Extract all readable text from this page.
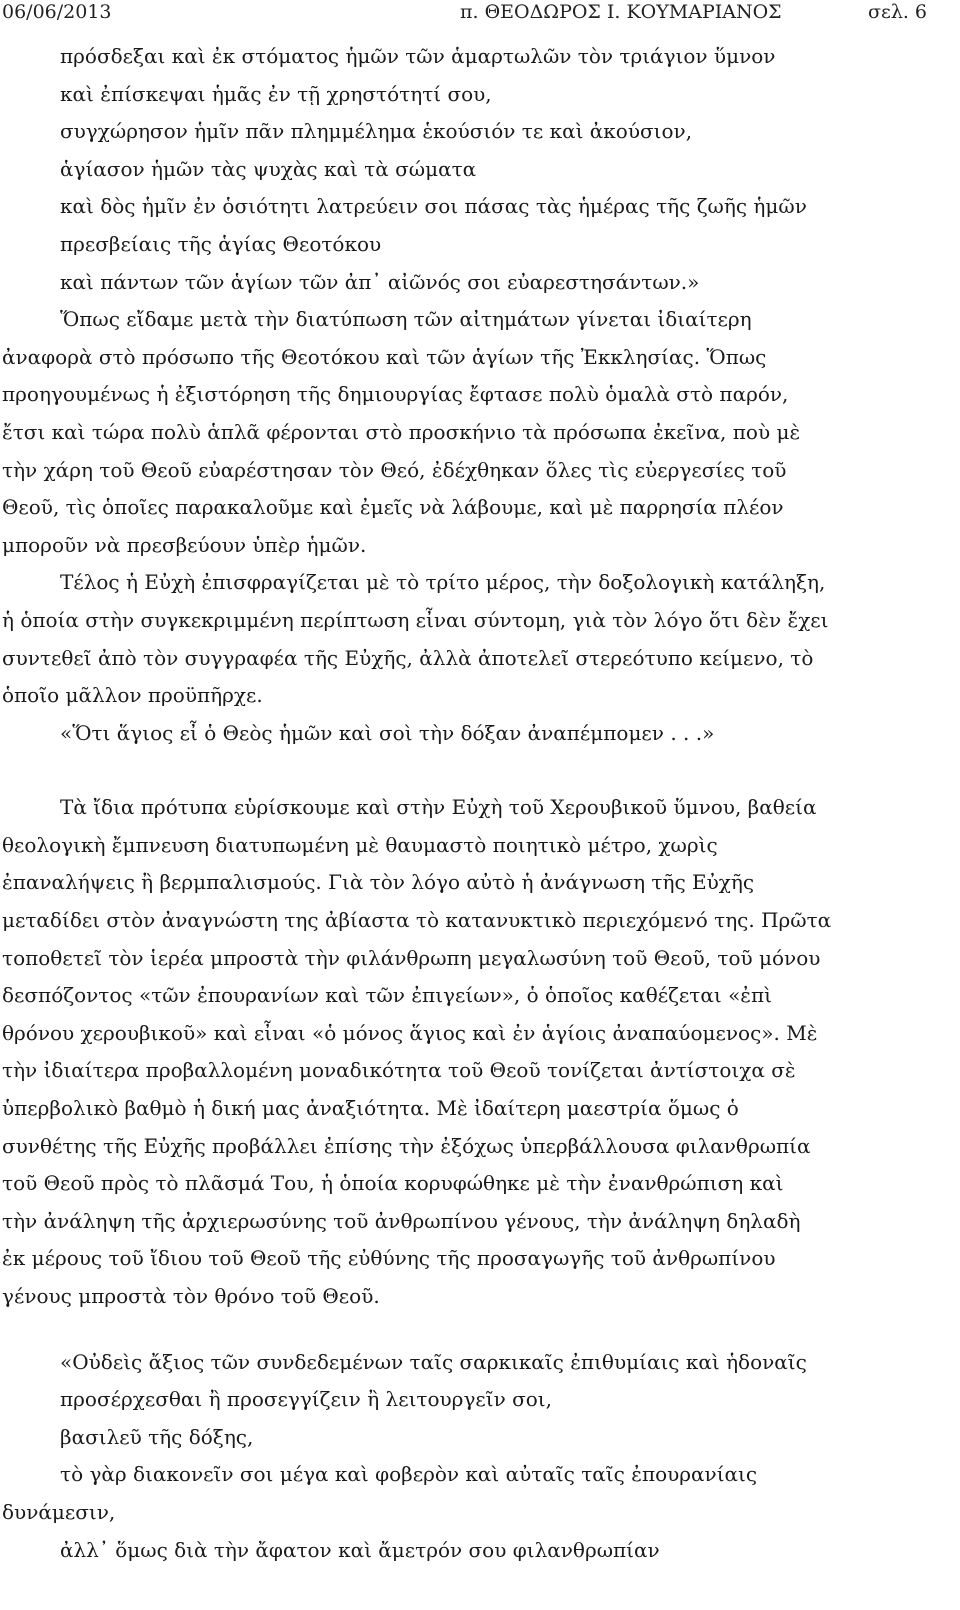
06/06/2013	π. ΘΕΟΔΩΡΟΣ Ι. ΚΟΥΜΑΡΙΑΝΟΣ	σελ. 6
πρόσδεξαι καὶ ἐκ στόματος ἡμῶν τῶν ἁμαρτωλῶν τὸν τριάγιον ὕμνον
καὶ ἐπίσκεψαι ἡμᾶς ἐν τῇ χρηστότητί σου,
συγχώρησον ἡμῖν πᾶν πλημμέλημα ἑκούσιόν τε καὶ ἀκούσιον,
ἁγίασον ἡμῶν τὰς ψυχὰς καὶ τὰ σώματα
καὶ δὸς ἡμῖν ἐν ὁσιότητι λατρεύειν σοι πάσας τὰς ἡμέρας τῆς ζωῆς ἡμῶν
πρεσβείαις τῆς ἁγίας Θεοτόκου
καὶ πάντων τῶν ἁγίων τῶν ἀπ᾽ αἰῶνός σοι εὐαρεστησάντων.»
Ὅπως εἴδαμε μετὰ τὴν διατύπωση τῶν αἰτημάτων γίνεται ἰδιαίτερη
ἀναφορὰ στὸ πρόσωπο τῆς Θεοτόκου καὶ τῶν ἁγίων τῆς Ἐκκλησίας. Ὅπως
προηγουμένως ἡ ἐξιστόρηση τῆς δημιουργίας ἔφτασε πολὺ ὁμαλὰ στὸ παρόν,
ἔτσι καὶ τώρα πολὺ ἁπλᾶ φέρονται στὸ προσκήνιο τὰ πρόσωπα ἐκεῖνα, ποὺ μὲ
τὴν χάρη τοῦ Θεοῦ εὐαρέστησαν τὸν Θεό, ἐδέχθηκαν ὅλες τὶς εὐεργεσίες τοῦ
Θεοῦ, τὶς ὁποῖες παρακαλοῦμε καὶ ἐμεῖς νὰ λάβουμε, καὶ μὲ παρρησία πλέον
μποροῦν νὰ πρεσβεύουν ὑπὲρ ἡμῶν.
Τέλος ἡ Εὐχὴ ἐπισφραγίζεται μὲ τὸ τρίτο μέρος, τὴν δοξολογικὴ κατάληξη,
ἡ ὁποία στὴν συγκεκριμμένη περίπτωση εἶναι σύντομη, γιὰ τὸν λόγο ὅτι δὲν ἔχει
συντεθεῖ ἀπὸ τὸν συγγραφέα τῆς Εὐχῆς, ἀλλὰ ἀποτελεῖ στερεότυπο κείμενο, τὸ
ὁποῖο μᾶλλον προϋπῆρχε.
«Ὅτι ἅγιος εἶ ὁ Θεὸς ἡμῶν καὶ σοὶ τὴν δόξαν ἀναπέμπομεν . . .»
Τὰ ἴδια πρότυπα εὑρίσκουμε καὶ στὴν Εὐχὴ τοῦ Χερουβικοῦ ὕμνου, βαθεία
θεολογικὴ ἔμπνευση διατυπωμένη μὲ θαυμαστὸ ποιητικὸ μέτρο, χωρὶς
ἐπαναλήψεις ἢ βερμπαλισμούς. Γιὰ τὸν λόγο αὐτὸ ἡ ἀνάγνωση τῆς Εὐχῆς
μεταδίδει στὸν ἀναγνώστη της ἀβίαστα τὸ κατανυκτικὸ περιεχόμενό της. Πρῶτα
τοποθετεῖ τὸν ἱερέα μπροστὰ τὴν φιλάνθρωπη μεγαλωσύνη τοῦ Θεοῦ, τοῦ μόνου
δεσπόζοντος «τῶν ἐπουρανίων καὶ τῶν ἐπιγείων», ὁ ὁποῖος καθέζεται «ἐπὶ
θρόνου χερουβικοῦ» καὶ εἶναι «ὁ μόνος ἅγιος καὶ ἐν ἁγίοις ἀναπαύομενος». Μὲ
τὴν ἰδιαίτερα προβαλλομένη μοναδικότητα τοῦ Θεοῦ τονίζεται ἀντίστοιχα σὲ
ὑπερβολικὸ βαθμὸ ἡ δική μας ἀναξιότητα. Μὲ ἰδαίτερη μαεστρία ὅμως ὁ
συνθέτης τῆς Εὐχῆς προβάλλει ἐπίσης τὴν ἐξόχως ὑπερβάλλουσα φιλανθρωπία
τοῦ Θεοῦ πρὸς τὸ πλᾶσμά Του, ἡ ὁποία κορυφώθηκε μὲ τὴν ἐνανθρώπιση καὶ
τὴν ἀνάληψη τῆς ἀρχιερωσύνης τοῦ ἀνθρωπίνου γένους, τὴν ἀνάληψη δηλαδὴ
ἐκ μέρους τοῦ ἴδιου τοῦ Θεοῦ τῆς εὐθύνης τῆς προσαγωγῆς τοῦ ἀνθρωπίνου
γένους μπροστὰ τὸν θρόνο τοῦ Θεοῦ.
«Οὐδεὶς ἄξιος τῶν συνδεδεμένων ταῖς σαρκικαῖς ἐπιθυμίαις καὶ ἡδοναῖς
προσέρχεσθαι ἢ προσεγγίζειν ἢ λειτουργεῖν σοι,
βασιλεῦ τῆς δόξης,
τὸ γὰρ διακονεῖν σοι μέγα καὶ φοβερὸν καὶ αὐταῖς ταῖς ἐπουρανίαις
δυνάμεσιν,
ἀλλ᾽ ὅμως διὰ τὴν ἄφατον καὶ ἄμετρόν σου φιλανθρωπίαν
